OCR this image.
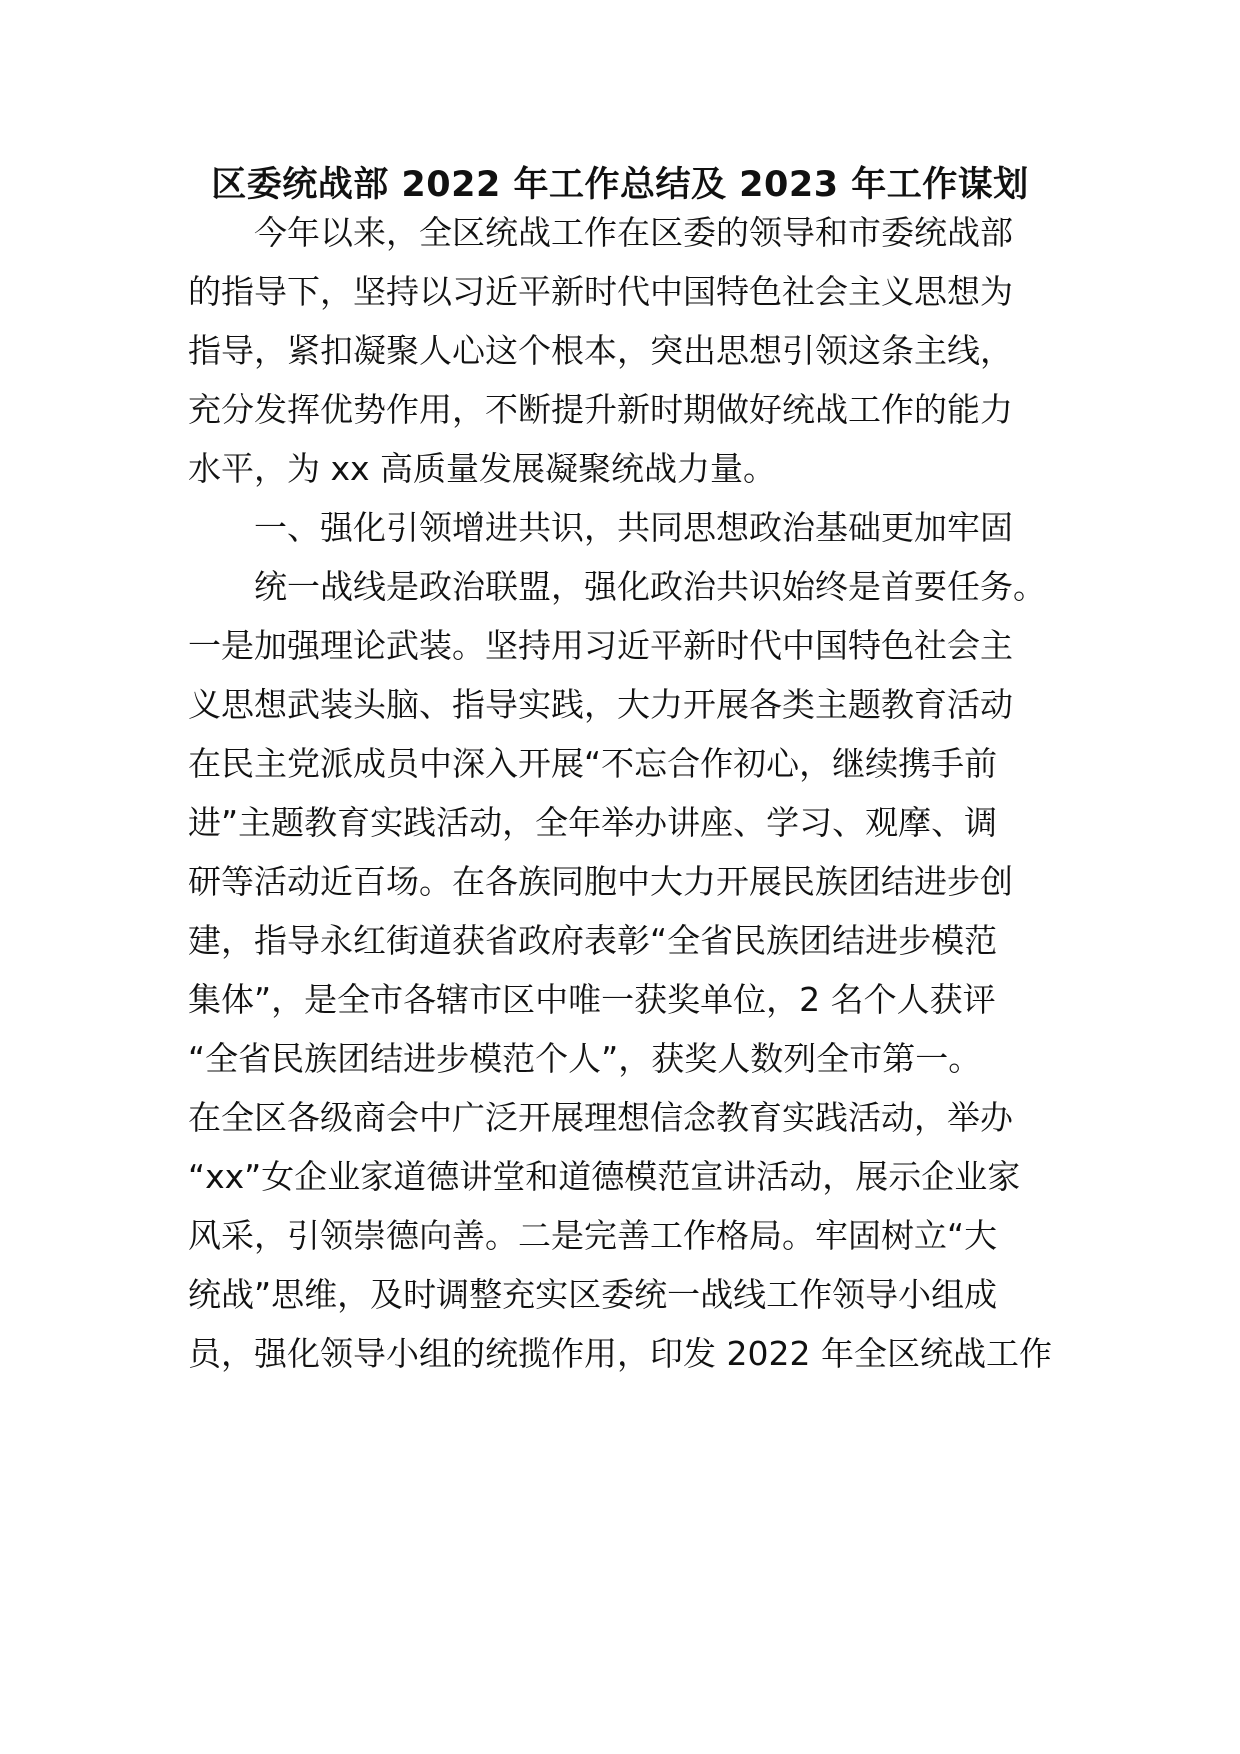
区委统战部 2022 年工作总结及 2023 年工作谋划

　　今年以来，全区统战工作在区委的领导和市委统战部

的指导下，坚持以习近平新时代中国特色社会主义思想为

指导，紧扣凝聚人心这个根本，突出思想引领这条主线，

充分发挥优势作用，不断提升新时期做好统战工作的能力

水平，为 xx 高质量发展凝聚统战力量。

　　一、强化引领增进共识，共同思想政治基础更加牢固

　　统一战线是政治联盟，强化政治共识始终是首要任务。

一是加强理论武装。坚持用习近平新时代中国特色社会主

义思想武装头脑、指导实践，大力开展各类主题教育活动

在民主党派成员中深入开展“不忘合作初心，继续携手前

进”主题教育实践活动，全年举办讲座、学习、观摩、调

研等活动近百场。在各族同胞中大力开展民族团结进步创

建，指导永红街道获省政府表彰“全省民族团结进步模范

集体”，是全市各辖市区中唯一获奖单位，2 名个人获评

“全省民族团结进步模范个人”，获奖人数列全市第一。

在全区各级商会中广泛开展理想信念教育实践活动，举办

“xx”女企业家道德讲堂和道德模范宣讲活动，展示企业家

风采，引领崇德向善。二是完善工作格局。牢固树立“大

统战”思维，及时调整充实区委统一战线工作领导小组成

员，强化领导小组的统揽作用，印发 2022 年全区统战工作
